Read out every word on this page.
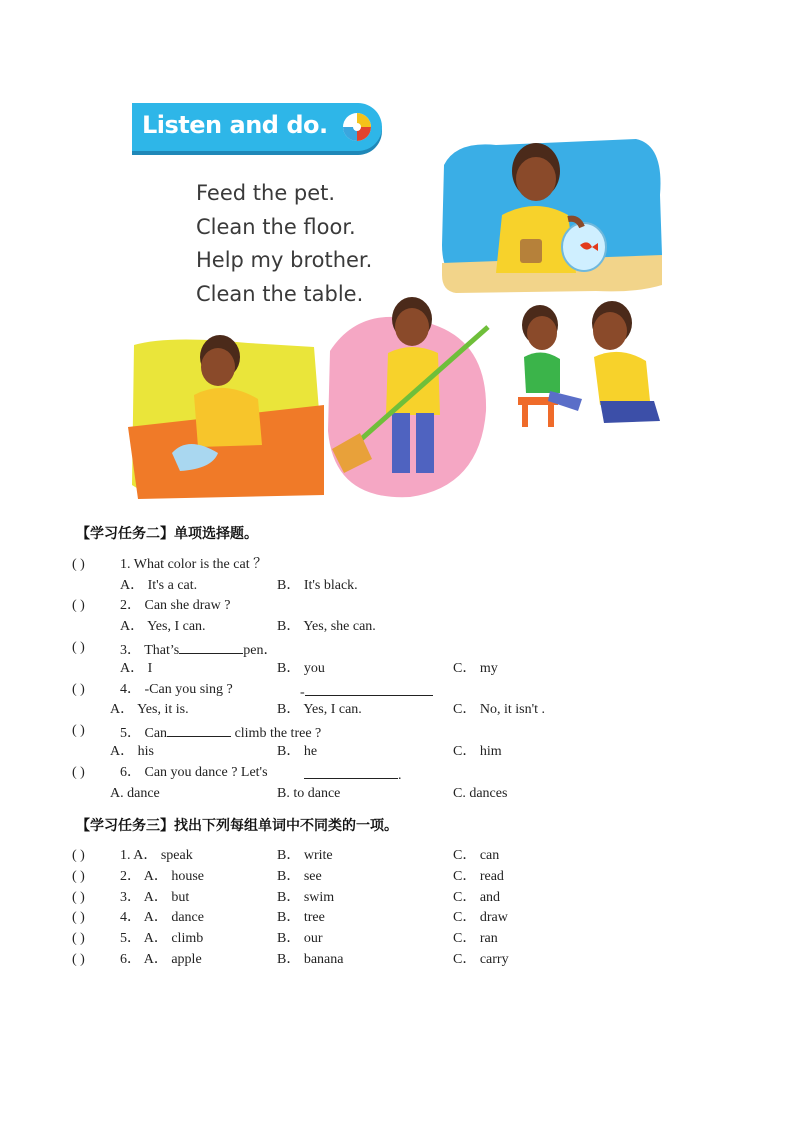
Listen and do.
Feed the pet.
Clean the floor.
Help my brother.
Clean the table.
【学习任务二】单项选择题。
( )	1. What color is the cat ？
A． It's a cat.	B． It's black.
( )	2． Can she draw ?
A． Yes, I can.	B． Yes, she can.
( )	3． That’s	pen．
A． I	B． you	C． my
( )	4． -Can you sing ?	-
A． Yes, it is.	B． Yes, I can.	C． No, it isn't .
( )	5． Can	climb the tree ?
A． his	B． he	C． him
( )	6． Can you dance ? Let's	.
A. dance	B. to dance	C. dances
【学习任务三】找出下列每组单词中不同类的一项。
( )	1. A． speak	B． write	C． can
( )	2． A． house	B． see	C． read
( )	3． A． but	B． swim	C． and
( )	4． A． dance	B． tree	C． draw
( )	5． A． climb	B． our	C． ran
( )	6． A． apple	B． banana	C． carry
